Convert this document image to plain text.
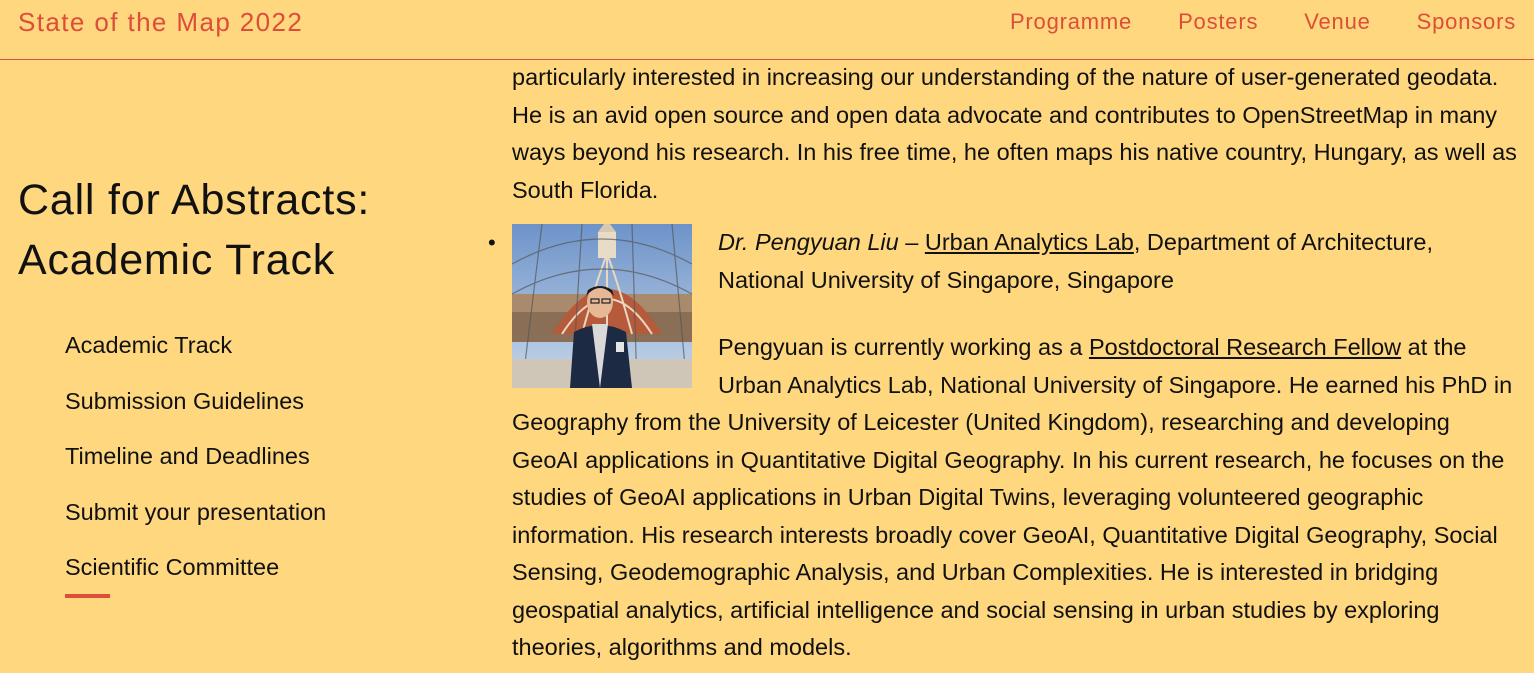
State of the Map 2022	Programme Posters Venue Sponsors
Call for Abstracts:
Academic Track
Academic Track
Submission Guidelines
Timeline and Deadlines
Submit your presentation
Scientific Committee

particularly interested in increasing our understanding of the nature of user-generated geodata. He is an avid open source and open data advocate and contributes to OpenStreetMap in many ways beyond his research. In his free time, he often maps his native country, Hungary, as well as South Florida.

•	Dr. Pengyuan Liu – Urban Analytics Lab, Department of Architecture, National University of Singapore, Singapore

Pengyuan is currently working as a Postdoctoral Research Fellow at the Urban Analytics Lab, National University of Singapore. He earned his PhD in Geography from the University of Leicester (United Kingdom), researching and developing GeoAI applications in Quantitative Digital Geography. In his current research, he focuses on the studies of GeoAI applications in Urban Digital Twins, leveraging volunteered geographic information. His research interests broadly cover GeoAI, Quantitative Digital Geography, Social Sensing, Geodemographic Analysis, and Urban Complexities. He is interested in bridging geospatial analytics, artificial intelligence and social sensing in urban studies by exploring theories, algorithms and models.
